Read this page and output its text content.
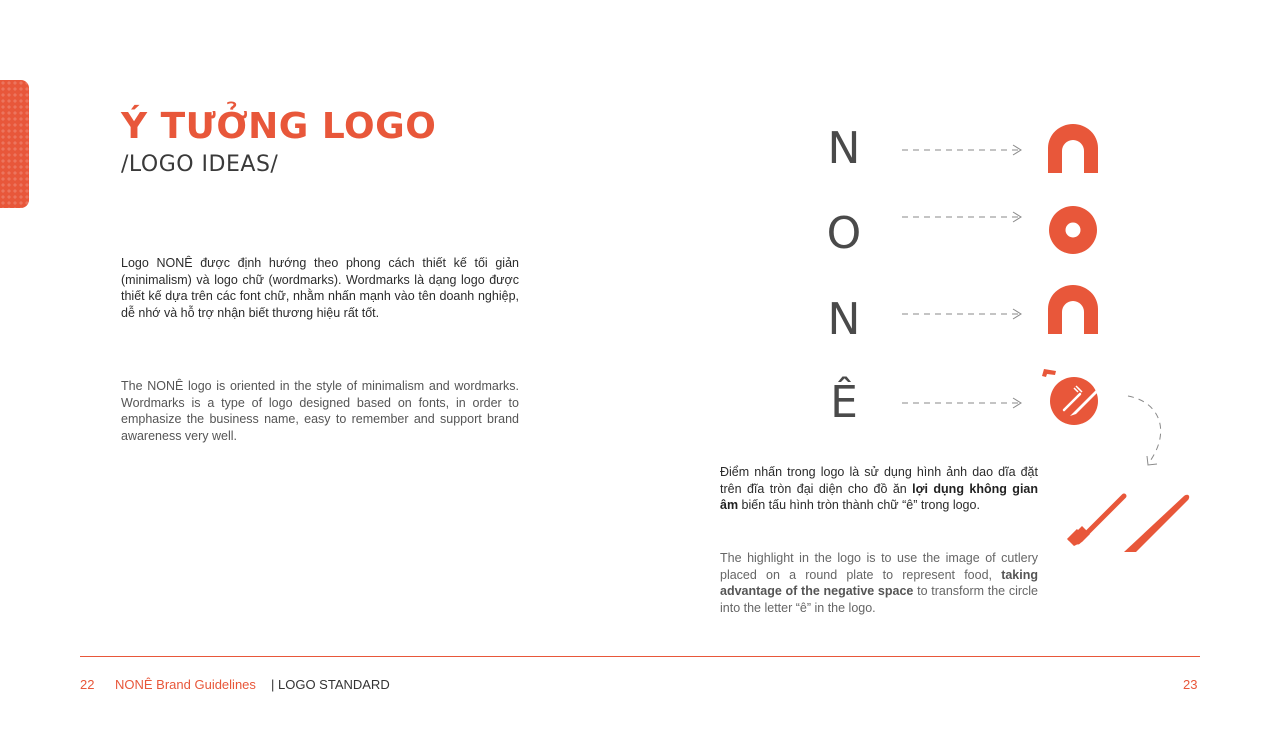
Ý TƯỞNG LOGO
/LOGO IDEAS/

Logo NONÊ được định hướng theo phong cách thiết kế tối giản (minimalism) và logo chữ (wordmarks). Wordmarks là dạng logo được thiết kế dựa trên các font chữ, nhằm nhấn mạnh vào tên doanh nghiệp, dễ nhớ và hỗ trợ nhận biết thương hiệu rất tốt.

The NONÊ logo is oriented in the style of minimalism and wordmarks. Wordmarks is a type of logo designed based on fonts, in order to emphasize the business name, easy to remember and support brand awareness very well.

N
O
N
Ê

Điểm nhấn trong logo là sử dụng hình ảnh dao dĩa đặt trên đĩa tròn đại diện cho đồ ăn lợi dụng không gian âm biến tấu hình tròn thành chữ “ê” trong logo.

The highlight in the logo is to use the image of cutlery placed on a round plate to represent food, taking advantage of the negative space to transform the circle into the letter “ê” in the logo.

22 NONÊ Brand Guidelines | LOGO STANDARD	23
